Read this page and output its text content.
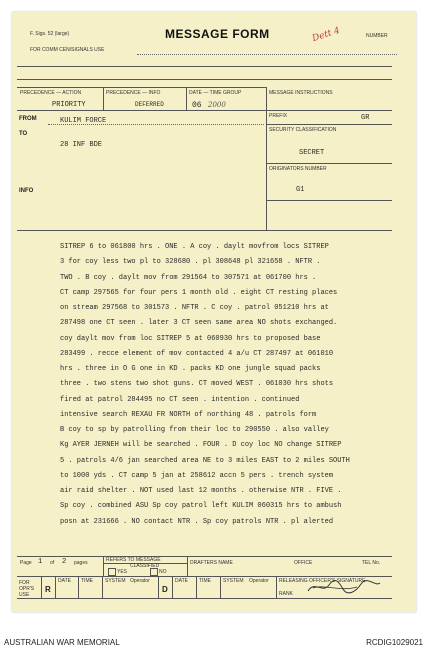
F. Sigs. 52 (large)	MESSAGE FORM	NUMBER
Dett 4
FOR COMM CEN/SIGNALS USE
PRECEDENCE — ACTION	PRECEDENCE — INFO	DATE — TIME GROUP	MESSAGE INSTRUCTIONS
PRIORITY	DEFERRED	06 2000
FROM	KULIM FORCE
TO
28 INF BDE
PREFIX	GR
SECURITY CLASSIFICATION
SECRET
ORIGINATORS NUMBER
G1
INFO
SITREP 6 to 061800 hrs . ONE . A coy . daylt movfrom locs SITREP
3 for coy less two pl to 328680 . pl 308648 pl 321658 . NFTR .
TWO . B coy . daylt mov from 291564 to 307571 at 061700 hrs .
CT camp 297565 for four pers 1 month old . eight CT resting places
on stream 297568 to 301573 . NFTR . C coy . patrol 051210 hrs at
287498 one CT seen . later 3 CT seen same area NO shots exchanged.
coy daylt mov from loc SITREP 5 at 060930 hrs to proposed base
283499 . recce element of mov contacted 4 a/u CT 287497 at 061010
hrs . three in O G one in KD . packs KD one jungle squad packs
three . two stens two shot guns. CT moved WEST . 061030 hrs shots
fired at patrol 284495 no CT seen . intention . continued
intensive search REXAU FR NORTH of northing 48 . patrols form
B coy to sp by patrolling from their loc to 290550 . also valley
Kg AYER JERNEH will be searched . FOUR . D coy loc NO change SITREP
5 . patrols 4/6 jan searched area NE to 3 miles EAST to 2 miles SOUTH
to 1000 yds . CT camp 5 jan at 258612 accn 5 pers . trench system
air raid shelter . NOT used last 12 months . otherwise NTR . FIVE .
Sp coy . combined ASU Sp coy patrol left KULIM 060315 hrs to ambush
posn at 231666 . NO contact NTR . Sp coy patrols NTR . pl alerted
Page 1 of 2 pages	REFERS TO MESSAGE
CLASSIFIED
YES	NO
DRAFTERS NAME	OFFICE	TEL No.
FOR OPR'S USE
R
DATE TIME SYSTEM Operator
D
DATE TIME SYSTEM Operator RELEASING OFFICER'S SIGNATURE
RANK
AUSTRALIAN WAR MEMORIAL	RCDIG1029021
